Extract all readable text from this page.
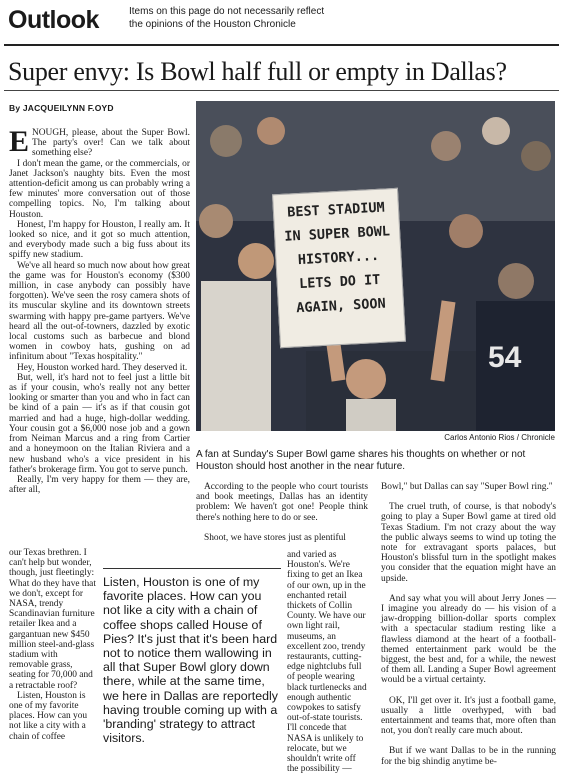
Outlook	Items on this page do not necessarily reflect the opinions of the Houston Chronicle
Super envy: Is Bowl half full or empty in Dallas?
By JACQUEILYNN F.OYD

ENOUGH, please, about the Super Bowl. The party's over! Can we talk about something else?

I don't mean the game, or the commercials, or Janet Jackson's naughty bits. Even the most attention-deficit among us can probably wring a few minutes' more conversation out of those compelling topics. No, I'm talking about Houston.

Honest, I'm happy for Houston, I really am. It looked so nice, and it got so much attention, and everybody made such a big fuss about its spiffy new stadium.

We've all heard so much now about how great the game was for Houston's economy ($300 million, in case anybody can possibly have forgotten). We've seen the rosy camera shots of its muscular skyline and its downtown streets swarming with happy pre-game partyers. We've heard all the out-of-towners, dazzled by exotic local customs such as barbecue and blond women in cowboy hats, gushing on ad infinitum about "Texas hospitality."

Hey, Houston worked hard. They deserved it.

But, well, it's hard not to feel just a little bit as if your cousin, who's really not any better looking or smarter than you and who in fact can be kind of a pain — it's as if that cousin got married and had a huge, high-dollar wedding. Your cousin got a $6,000 nose job and a gown from Neiman Marcus and a ring from Cartier and a honeymoon on the Italian Riviera and a new husband who's a vice president in his father's brokerage firm. You got to serve punch.

Really, I'm very happy for them — they are, after all,

our Texas brethren. I can't help but wonder, though, just fleetingly: What do they have that we don't, except for NASA, trendy Scandinavian furniture retailer Ikea and a gargantuan new $450 million steel-and-glass stadium with removable grass, seating for 70,000 and a retractable roof?

Listen, Houston is one of my favorite places. How can you not like a city with a chain of coffee

54
BEST STADIUM IN SUPER BOWL HISTORY... LETS DO IT AGAIN, SOON
Carlos Antonio Rios / Chronicle
A fan at Sunday's Super Bowl game shares his thoughts on whether or not Houston should host another in the near future.

According to the people who court tourists and book meetings, Dallas has an identity problem: We haven't got one! People think there's nothing here to do or see.

Shoot, we have stores just as plentiful

and varied as Houston's. We're fixing to get an Ikea of our own, up in the enchanted retail thickets of Collin County. We have our own light rail, museums, an excellent zoo, trendy restaurants, cutting-edge nightclubs full of people wearing black turtlenecks and enough authentic cowpokes to satisfy out-of-state tourists. I'll concede that NASA is unlikely to relocate, but we shouldn't write off the possibility —

Listen, Houston is one of my favorite places. How can you not like a city with a chain of coffee shops called House of Pies? It's just that it's been hard not to notice them wallowing in all that Super Bowl glory down there, while at the same time, we here in Dallas are reportedly having trouble coming up with a 'branding' strategy to attract visitors.

Bowl," but Dallas can say "Super Bowl ring."

The cruel truth, of course, is that nobody's going to play a Super Bowl game at tired old Texas Stadium. I'm not crazy about the way the public always seems to wind up toting the note for extravagant sports palaces, but Houston's blissful turn in the spotlight makes you consider that the equation might have an upside.

And say what you will about Jerry Jones — I imagine you already do — his vision of a jaw-dropping billion-dollar sports complex with a spectacular stadium resting like a flawless diamond at the heart of a football-themed entertainment park would be the biggest, the best and, for a while, the newest of them all. Landing a Super Bowl agreement would be a virtual certainty.

OK, I'll get over it. It's just a football game, usually a little overhyped, with bad entertainment and teams that, more often than not, you don't really care much about.

But if we want Dallas to be in the running for the big shindig anytime be-
